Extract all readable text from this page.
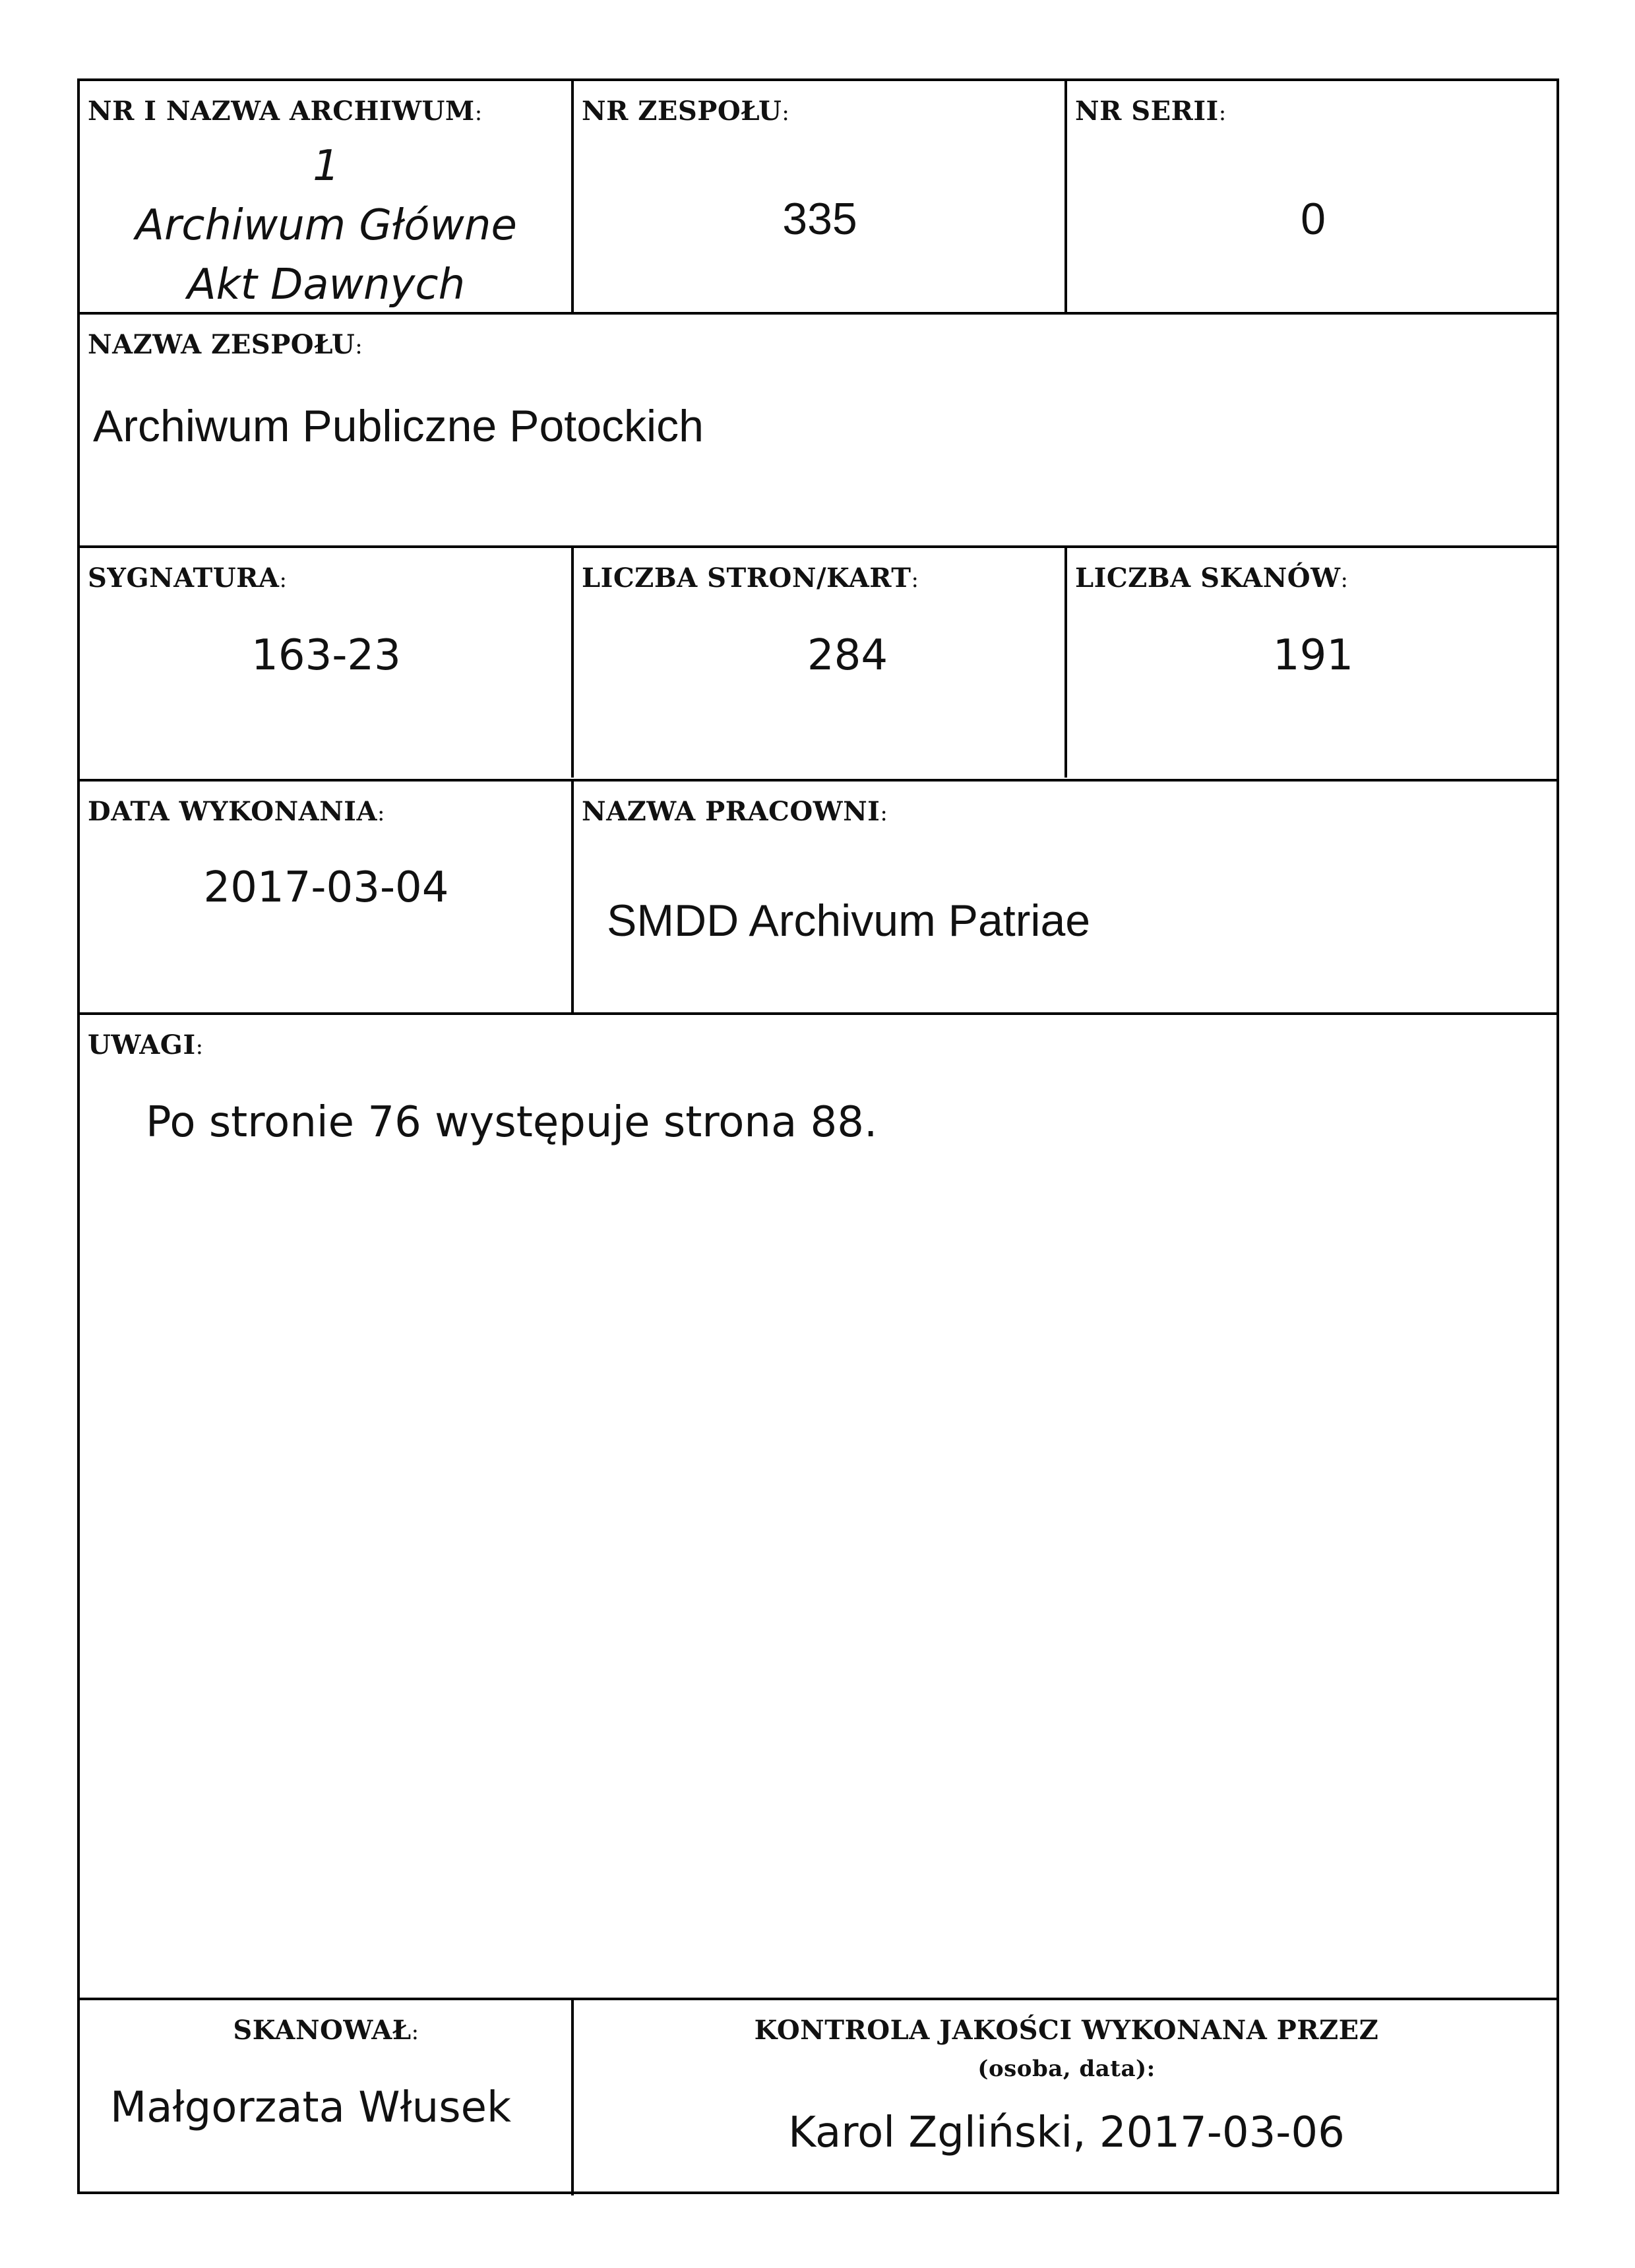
NR I NAZWA ARCHIWUM:
1
Archiwum Główne
Akt Dawnych
NR ZESPOŁU:
335
NR SERII:
0
NAZWA ZESPOŁU:
Archiwum Publiczne Potockich
SYGNATURA:
163-23
LICZBA STRON/KART:
284
LICZBA SKANÓW:
191
DATA WYKONANIA:
2017-03-04
NAZWA PRACOWNI:
SMDD Archivum Patriae
UWAGI:
Po stronie 76 występuje strona 88.
SKANOWAŁ:
Małgorzata Włusek
KONTROLA JAKOŚCI WYKONANA PRZEZ
(osoba, data):
Karol Zgliński, 2017-03-06
